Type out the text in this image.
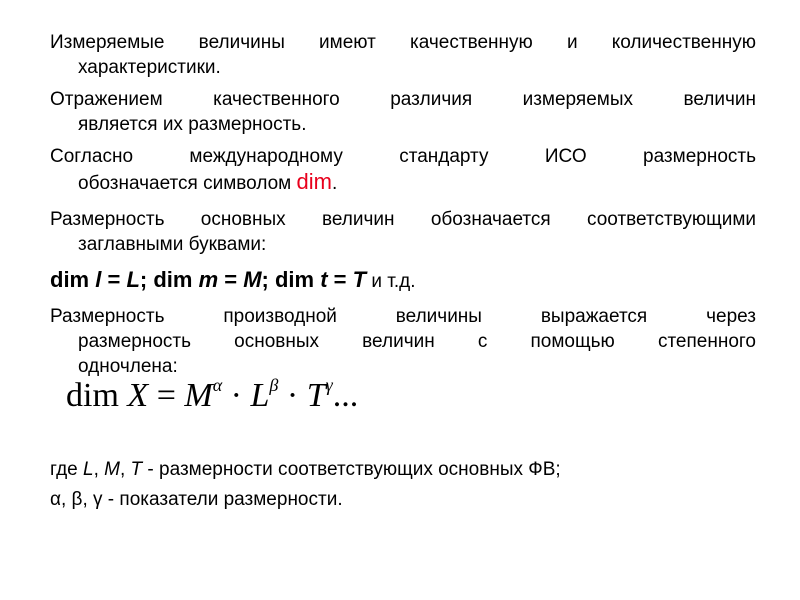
Измеряемые величины имеют качественную и количественную
характеристики.
Отражением качественного различия измеряемых величин
является их размерность.
Согласно международному стандарту ИСО размерность
обозначается символом dim.
Размерность основных величин обозначается соответствующими
заглавными буквами:
dim l = L; dim m = M; dim t = T и т.д.
Размерность производной величины выражается через
размерность основных величин с помощью степенного
одночлена:
dim $X = M^\alpha \cdot L^\beta \cdot T^\gamma$...
где L, M, T - размерности соответствующих основных ФВ;
α, β, γ - показатели размерности.
